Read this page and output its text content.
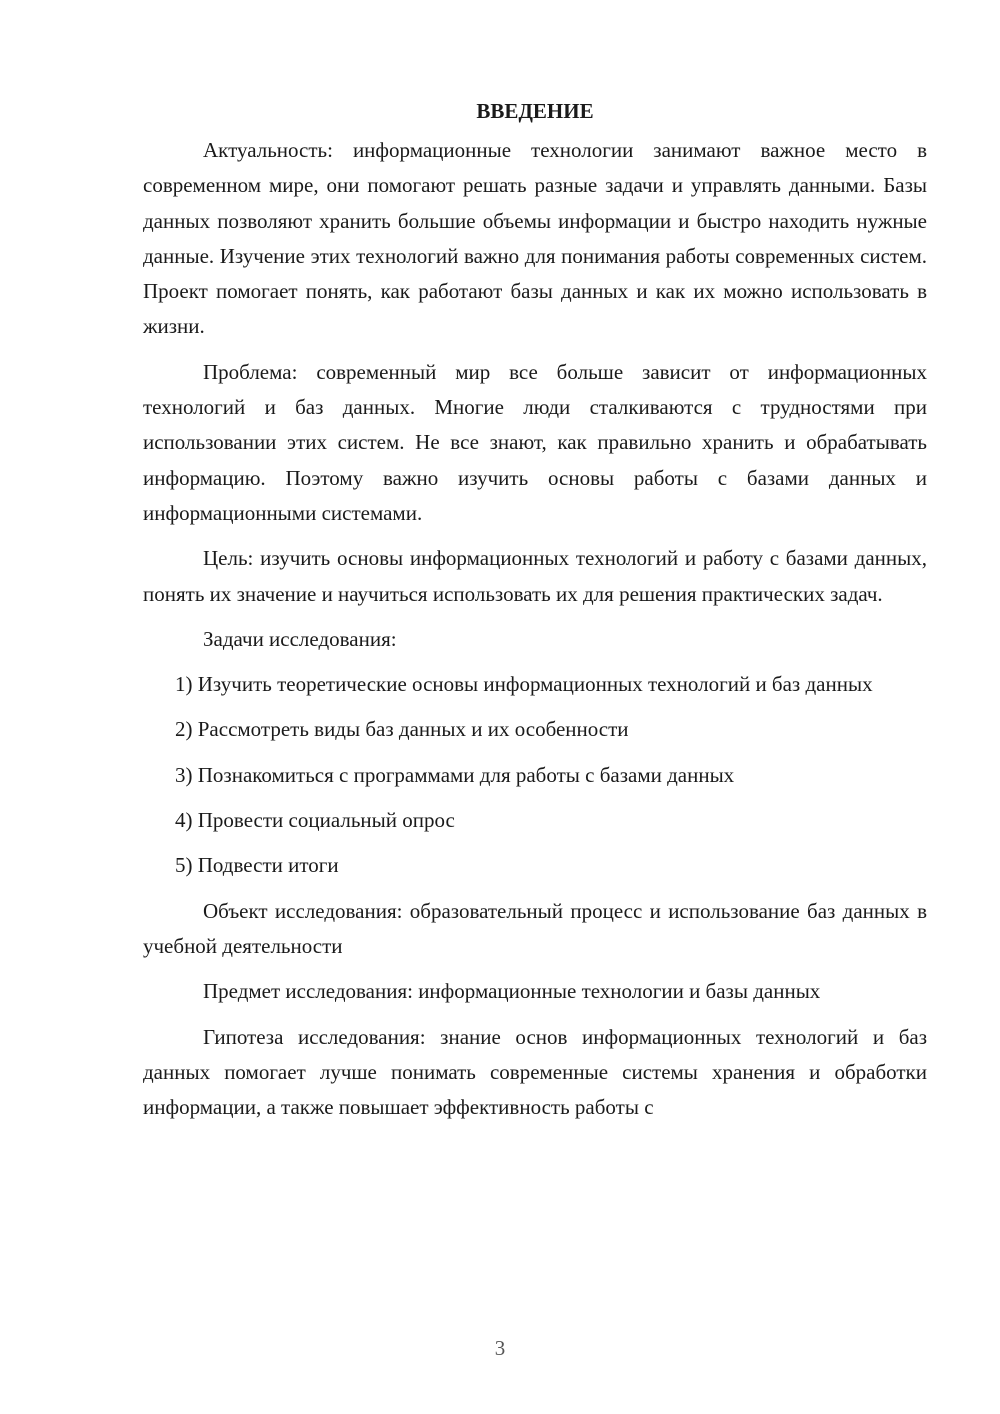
ВВЕДЕНИЕ

Актуальность: информационные технологии занимают важное место в современном мире, они помогают решать разные задачи и управлять данными. Базы данных позволяют хранить большие объемы информации и быстро находить нужные данные. Изучение этих технологий важно для понимания работы современных систем. Проект помогает понять, как работают базы данных и как их можно использовать в жизни.

Проблема: современный мир все больше зависит от информационных технологий и баз данных. Многие люди сталкиваются с трудностями при использовании этих систем. Не все знают, как правильно хранить и обрабатывать информацию. Поэтому важно изучить основы работы с базами данных и информационными системами.

Цель: изучить основы информационных технологий и работу с базами данных, понять их значение и научиться использовать их для решения практических задач.

Задачи исследования:

1) Изучить теоретические основы информационных технологий и баз данных

2) Рассмотреть виды баз данных и их особенности

3) Познакомиться с программами для работы с базами данных

4) Провести социальный опрос

5) Подвести итоги

Объект исследования: образовательный процесс и использование баз данных в учебной деятельности

Предмет исследования: информационные технологии и базы данных

Гипотеза исследования: знание основ информационных технологий и баз данных помогает лучше понимать современные системы хранения и обработки информации, а также повышает эффективность работы с

3
